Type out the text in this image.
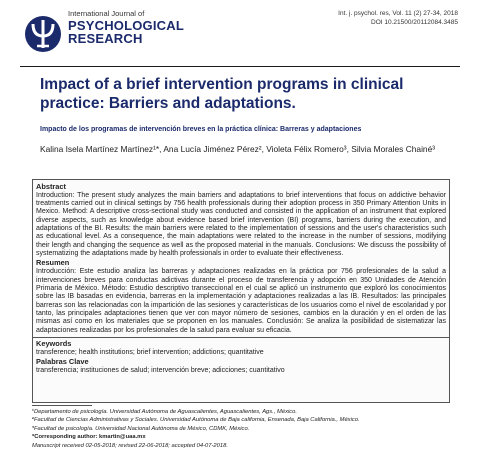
International Journal of
PSYCHOLOGICAL
RESEARCH
Int. j. psychol. res, Vol. 11 (2) 27-34, 2018
DOI 10.21500/20112084.3485
Impact of a brief intervention programs in clinical practice: Barriers and adaptations.

Impacto de los programas de intervención breves en la práctica clínica: Barreras y adaptaciones

Kalina Isela Martínez Martínez¹*, Ana Lucía Jiménez Pérez², Violeta Félix Romero³, Silvia Morales Chainé³
Abstract
Introduction: The present study analyzes the main barriers and adaptations to brief interventions that focus on addictive behavior treatments carried out in clinical settings by 756 health professionals during their adoption process in 350 Primary Attention Units in Mexico. Method: A descriptive cross-sectional study was conducted and consisted in the application of an instrument that explored diverse aspects, such as knowledge about evidence based brief intervention (BI) programs, barriers during the execution, and adaptations of the BI. Results: the main barriers were related to the implementation of sessions and the user's characteristics such as educational level. As a consequence, the main adaptations were related to the increase in the number of sessions, modifying their length and changing the sequence as well as the proposed material in the manuals. Conclusions: We discuss the possibility of systematizing the adaptations made by health professionals in order to evaluate their effectiveness.
Resumen
Introducción: Este estudio analiza las barreras y adaptaciones realizadas en la práctica por 756 profesionales de la salud a intervenciones breves para conductas adictivas durante el proceso de transferencia y adopción en 350 Unidades de Atención Primaria de México. Método: Estudio descriptivo transeccional en el cual se aplicó un instrumento que exploró los conocimientos sobre las IB basadas en evidencia, barreras en la implementación y adaptaciones realizadas a las IB. Resultados: las principales barreras son las relacionadas con la impartición de las sesiones y características de los usuarios como el nivel de escolaridad y por tanto, las principales adaptaciones tienen que ver con mayor número de sesiones, cambios en la duración y en el orden de las mismas así como en los materiales que se proponen en los manuales. Conclusión: Se analiza la posibilidad de sistematizar las adaptaciones realizadas por los profesionales de la salud para evaluar su eficacia.
Keywords
transference; health institutions; brief intervention; addictions; quantitative
Palabras Clave
transferencia; instituciones de salud; intervención breve; adicciones; cuantitativo
¹Departamento de psicología. Universidad Autónoma de Aguascalientes, Aguascalientes, Ags., México.
²Facultad de Ciencias Administrativas y Sociales. Universidad Autónoma de Baja california, Ensenada, Baja California., México.
³Facultad de psicología. Universidad Nacional Autónoma de México, CDMK, México.
*Corresponding author: kmartin@uaa.mx
Manuscript received 02-05-2018; revised 22-06-2018; accepted 04-07-2018.
